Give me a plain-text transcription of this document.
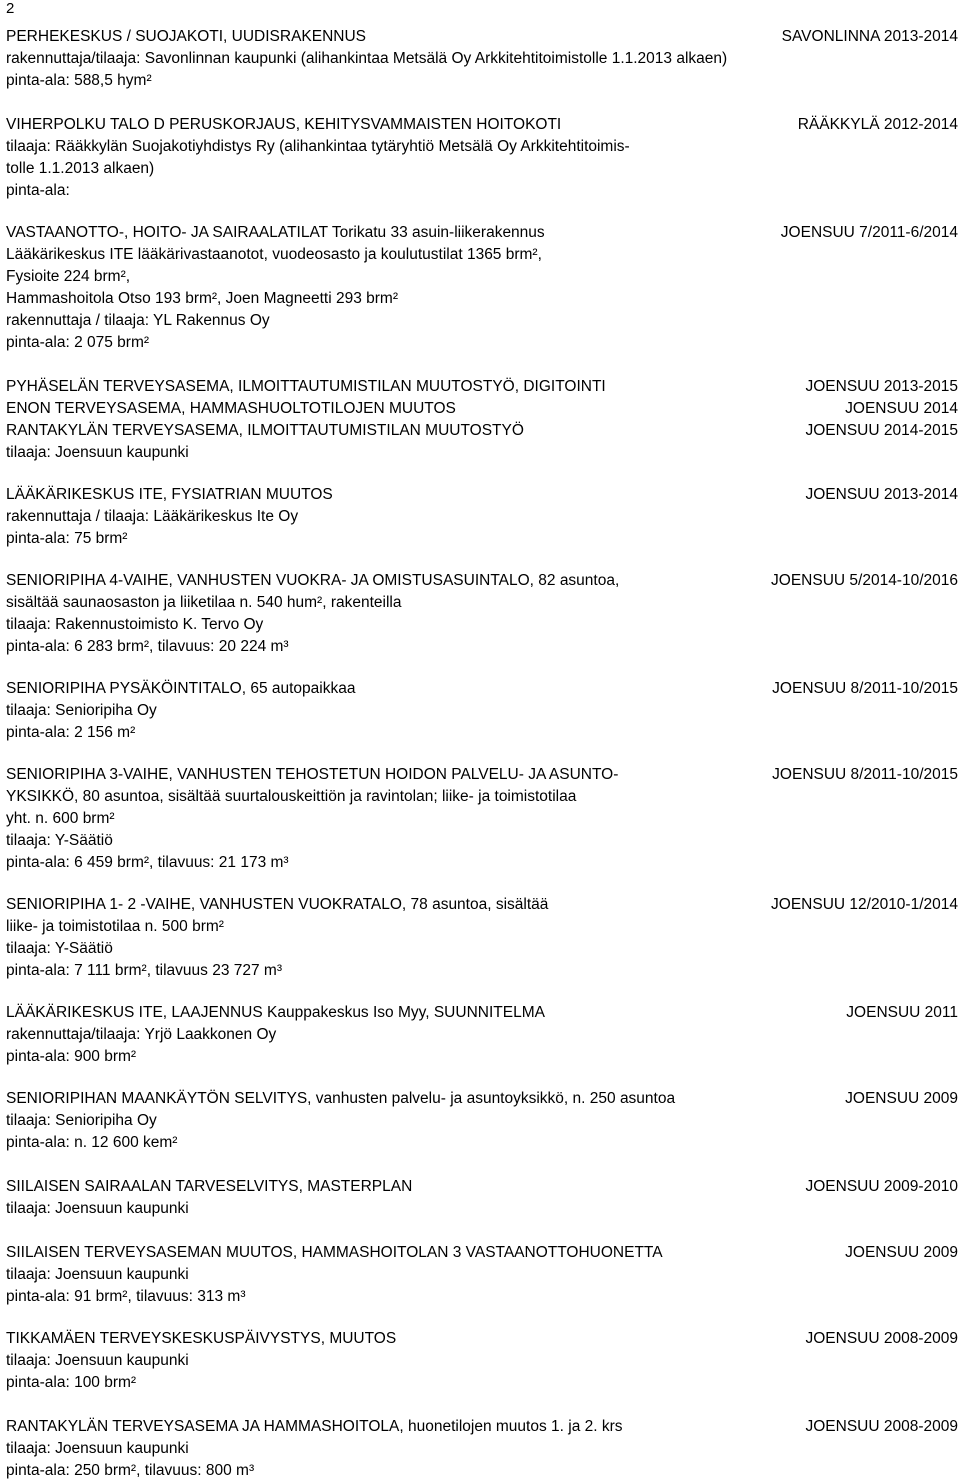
2
PERHEKESKUS / SUOJAKOTI, UUDISRAKENNUS	SAVONLINNA 2013-2014
rakennuttaja/tilaaja: Savonlinnan kaupunki (alihankintaa Metsälä Oy Arkkitehtitoimistolle 1.1.2013 alkaen)
pinta-ala: 588,5 hym²
VIHERPOLKU TALO D PERUSKORJAUS, KEHITYSVAMMAISTEN HOITOKOTI	RÄÄKKYLÄ 2012-2014
tilaaja: Rääkkylän Suojakotiyhdistys Ry (alihankintaa tytäryhtiö Metsälä Oy Arkkitehtitoimis-
tolle 1.1.2013 alkaen)
pinta-ala:
VASTAANOTTO-, HOITO- JA SAIRAALATILAT Torikatu 33 asuin-liikerakennus	JOENSUU 7/2011-6/2014
Lääkärikeskus ITE lääkärivastaanotot, vuodeosasto ja koulutustilat 1365 brm²,
Fysioite 224 brm²,
Hammashoitola Otso 193 brm², Joen Magneetti 293 brm²
rakennuttaja / tilaaja: YL Rakennus Oy
pinta-ala: 2 075 brm²
PYHÄSELÄN TERVEYSASEMA, ILMOITTAUTUMISTILAN MUUTOSTYÖ, DIGITOINTI	JOENSUU 2013-2015
ENON TERVEYSASEMA, HAMMASHUOLTOTILOJEN MUUTOS	JOENSUU 2014
RANTAKYLÄN TERVEYSASEMA, ILMOITTAUTUMISTILAN MUUTOSTYÖ	JOENSUU 2014-2015
tilaaja: Joensuun kaupunki
LÄÄKÄRIKESKUS ITE, FYSIATRIAN MUUTOS	JOENSUU 2013-2014
rakennuttaja / tilaaja: Lääkärikeskus Ite Oy
pinta-ala: 75 brm²
SENIORIPIHA 4-VAIHE, VANHUSTEN VUOKRA- JA OMISTUSASUINTALO, 82 asuntoa,	JOENSUU 5/2014-10/2016
sisältää saunaosaston ja liiketilaa n. 540 hum², rakenteilla
tilaaja: Rakennustoimisto K. Tervo Oy
pinta-ala: 6 283 brm², tilavuus: 20 224 m³
SENIORIPIHA PYSÄKÖINTITALO, 65 autopaikkaa	JOENSUU 8/2011-10/2015
tilaaja: Senioripiha Oy
pinta-ala: 2 156 m²
SENIORIPIHA 3-VAIHE, VANHUSTEN TEHOSTETUN HOIDON PALVELU- JA ASUNTO-	JOENSUU 8/2011-10/2015
YKSIKKÖ, 80 asuntoa, sisältää suurtalouskeittiön ja ravintolan; liike- ja toimistotilaa
yht. n. 600 brm²
tilaaja: Y-Säätiö
pinta-ala: 6 459 brm², tilavuus: 21 173 m³
SENIORIPIHA 1- 2 -VAIHE, VANHUSTEN VUOKRATALO, 78 asuntoa, sisältää	JOENSUU 12/2010-1/2014
liike- ja toimistotilaa n. 500 brm²
tilaaja: Y-Säätiö
pinta-ala: 7 111 brm², tilavuus 23 727 m³
LÄÄKÄRIKESKUS ITE, LAAJENNUS Kauppakeskus Iso Myy, SUUNNITELMA	JOENSUU 2011
rakennuttaja/tilaaja: Yrjö Laakkonen Oy
pinta-ala: 900 brm²
SENIORIPIHAN MAANKÄYTÖN SELVITYS, vanhusten palvelu- ja asuntoyksikkö, n. 250 asuntoa	JOENSUU 2009
tilaaja: Senioripiha Oy
pinta-ala: n. 12 600 kem²
SIILAISEN SAIRAALAN TARVESELVITYS, MASTERPLAN	JOENSUU 2009-2010
tilaaja: Joensuun kaupunki
SIILAISEN TERVEYSASEMAN MUUTOS, HAMMASHOITOLAN 3 VASTAANOTTOHUONETTA	JOENSUU 2009
tilaaja: Joensuun kaupunki
pinta-ala: 91 brm², tilavuus: 313 m³
TIKKAMÄEN TERVEYSKESKUSPÄIVYSTYS, MUUTOS	JOENSUU 2008-2009
tilaaja: Joensuun kaupunki
pinta-ala: 100 brm²
RANTAKYLÄN TERVEYSASEMA JA HAMMASHOITOLA, huonetilojen muutos 1. ja 2. krs	JOENSUU 2008-2009
tilaaja: Joensuun kaupunki
pinta-ala: 250 brm², tilavuus: 800 m³
